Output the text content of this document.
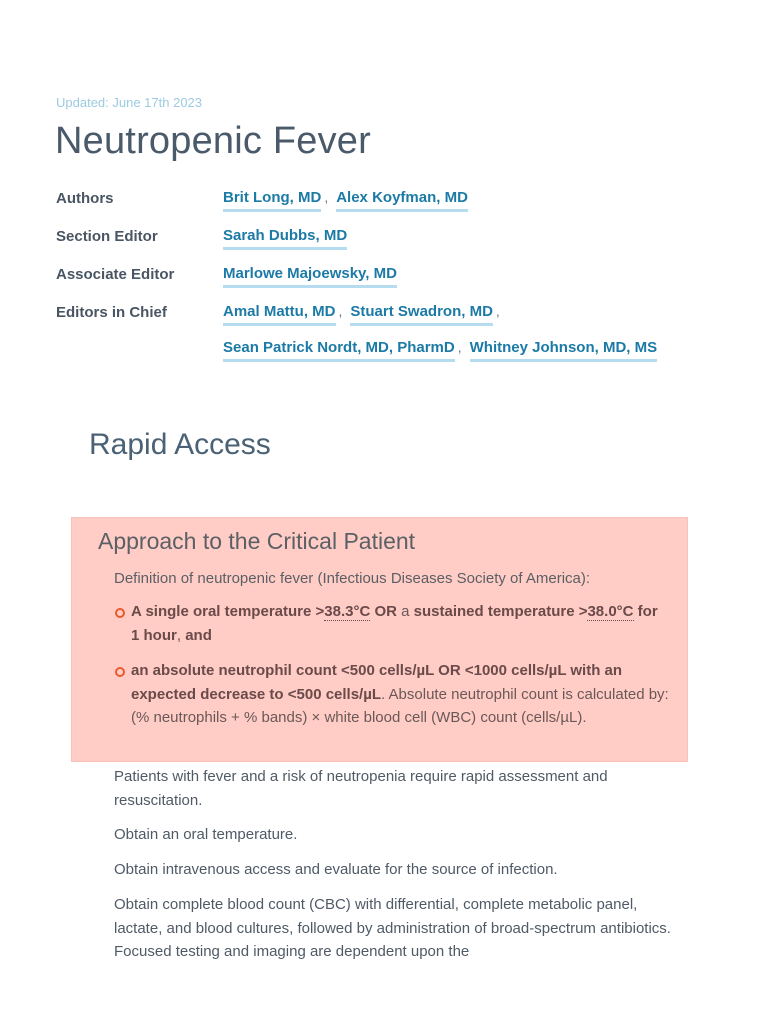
Updated: June 17th 2023
Neutropenic Fever
Authors	Brit Long, MD , Alex Koyfman, MD
Section Editor	Sarah Dubbs, MD
Associate Editor	Marlowe Majoewsky, MD
Editors in Chief	Amal Mattu, MD , Stuart Swadron, MD ,
Sean Patrick Nordt, MD, PharmD , Whitney Johnson, MD, MS
Rapid Access
Approach to the Critical Patient
Definition of neutropenic fever (Infectious Diseases Society of America):
A single oral temperature >38.3°C OR a sustained temperature >38.0°C for 1 hour, and
an absolute neutrophil count <500 cells/µL OR <1000 cells/µL with an expected decrease to <500 cells/µL. Absolute neutrophil count is calculated by: (% neutrophils + % bands) × white blood cell (WBC) count (cells/µL).

Patients with fever and a risk of neutropenia require rapid assessment and resuscitation.

Obtain an oral temperature.

Obtain intravenous access and evaluate for the source of infection.

Obtain complete blood count (CBC) with differential, complete metabolic panel, lactate, and blood cultures, followed by administration of broad-spectrum antibiotics. Focused testing and imaging are dependent upon the
